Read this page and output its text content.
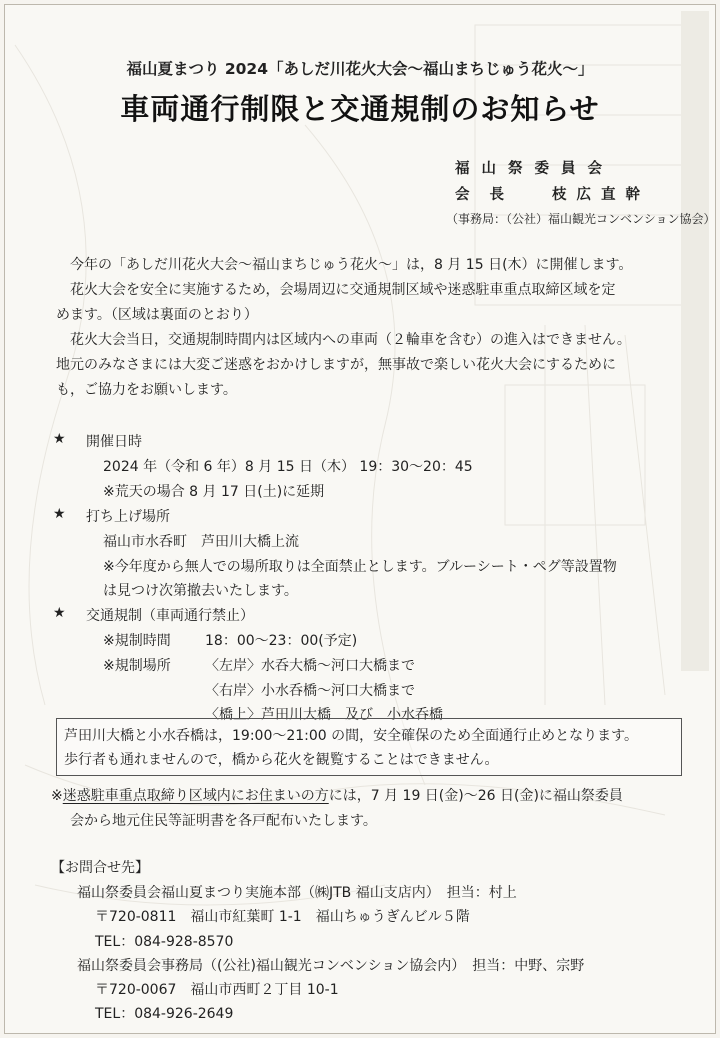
福山夏まつり 2024「あしだ川花火大会～福山まちじゅう花火～」
車両通行制限と交通規制のお知らせ
福山祭委員会
会長 枝広直幹
（事務局：（公社）福山観光コンベンション協会）
今年の「あしだ川花火大会～福山まちじゅう花火～」は，8 月 15 日(木）に開催します。
花火大会を安全に実施するため，会場周辺に交通規制区域や迷惑駐車重点取締区域を定
めます。（区域は裏面のとおり）
花火大会当日，交通規制時間内は区域内への車両（２輪車を含む）の進入はできません。
地元のみなさまには大変ご迷惑をおかけしますが，無事故で楽しい花火大会にするために
も，ご協力をお願いします。
★ 開催日時
2024 年（令和 6 年）8 月 15 日（木） 19：30～20：45
※荒天の場合 8 月 17 日(土)に延期
★ 打ち上げ場所
福山市水呑町　芦田川大橋上流
※今年度から無人での場所取りは全面禁止とします。ブルーシート・ペグ等設置物
は見つけ次第撤去いたします。
★ 交通規制（車両通行禁止）
※規制時間 18：00～23：00(予定)
※規制場所 〈左岸〉水呑大橋～河口大橋まで
〈右岸〉小水呑橋～河口大橋まで
〈橋上〉芦田川大橋　及び　小水呑橋
芦田川大橋と小水呑橋は，19:00～21:00 の間，安全確保のため全面通行止めとなります。
歩行者も通れませんので，橋から花火を観覧することはできません。
※迷惑駐車重点取締り区域内にお住まいの方には，7 月 19 日(金)～26 日(金)に福山祭委員
会から地元住民等証明書を各戸配布いたします。
【お問合せ先】
福山祭委員会福山夏まつり実施本部（㈱JTB 福山支店内）　担当：村上
〒720-0811　福山市紅葉町 1-1　福山ちゅうぎんビル５階
TEL：084-928-8570
福山祭委員会事務局（(公社)福山観光コンベンション協会内）　担当：中野、宗野
〒720-0067　福山市西町２丁目 10-1
TEL：084-926-2649
